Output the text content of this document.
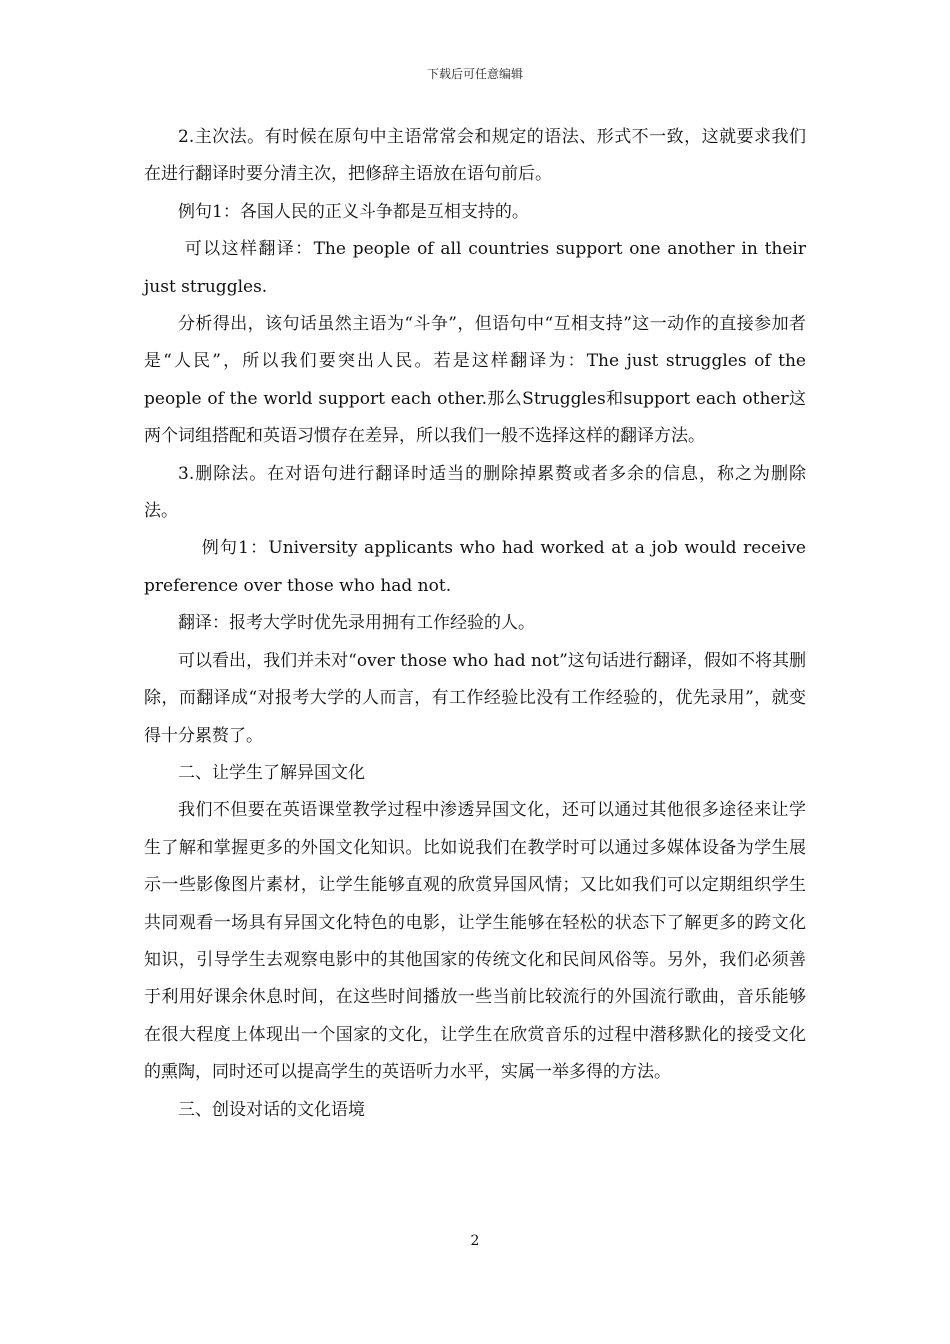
下载后可任意编辑

2.主次法。有时候在原句中主语常常会和规定的语法、形式不一致，这就要求我们在进行翻译时要分清主次，把修辞主语放在语句前后。

例句1：各国人民的正义斗争都是互相支持的。

可以这样翻译：The people of all countries support one another in their just struggles.

分析得出，该句话虽然主语为“斗争”，但语句中“互相支持”这一动作的直接参加者是“人民”，所以我们要突出人民。若是这样翻译为：The just struggles of the people of the world support each other.那么Struggles和support each other这两个词组搭配和英语习惯存在差异，所以我们一般不选择这样的翻译方法。

3.删除法。在对语句进行翻译时适当的删除掉累赘或者多余的信息，称之为删除法。

例句1：University applicants who had worked at a job would receive preference over those who had not.

翻译：报考大学时优先录用拥有工作经验的人。

可以看出，我们并未对“over those who had not”这句话进行翻译，假如不将其删除，而翻译成“对报考大学的人而言，有工作经验比没有工作经验的，优先录用”，就变得十分累赘了。

二、让学生了解异国文化

我们不但要在英语课堂教学过程中渗透异国文化，还可以通过其他很多途径来让学生了解和掌握更多的外国文化知识。比如说我们在教学时可以通过多媒体设备为学生展示一些影像图片素材，让学生能够直观的欣赏异国风情；又比如我们可以定期组织学生共同观看一场具有异国文化特色的电影，让学生能够在轻松的状态下了解更多的跨文化知识，引导学生去观察电影中的其他国家的传统文化和民间风俗等。另外，我们必须善于利用好课余休息时间，在这些时间播放一些当前比较流行的外国流行歌曲，音乐能够在很大程度上体现出一个国家的文化，让学生在欣赏音乐的过程中潜移默化的接受文化的熏陶，同时还可以提高学生的英语听力水平，实属一举多得的方法。

三、创设对话的文化语境

2
